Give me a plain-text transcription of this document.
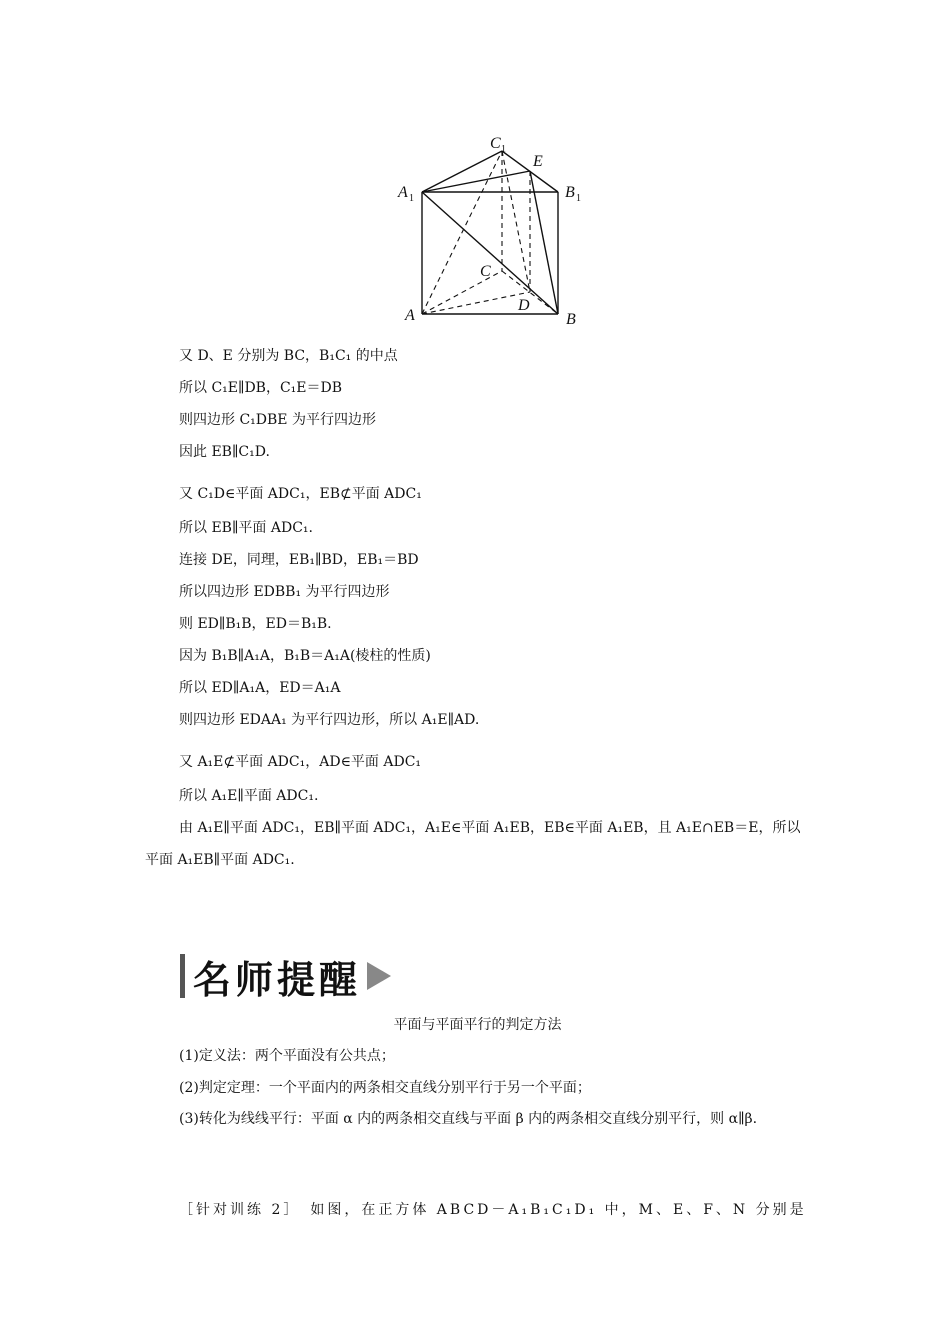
C 1
E
A 1	B 1
C
D
A	B
又 D、E 分别为 BC，B₁C₁ 的中点
所以 C₁E∥DB，C₁E＝DB
则四边形 C₁DBE 为平行四边形
因此 EB∥C₁D.
又 C₁D∈平面 ADC₁，EB⊄平面 ADC₁
所以 EB∥平面 ADC₁.
连接 DE，同理，EB₁∥BD，EB₁＝BD
所以四边形 EDBB₁ 为平行四边形
则 ED∥B₁B，ED＝B₁B.
因为 B₁B∥A₁A，B₁B＝A₁A(棱柱的性质)
所以 ED∥A₁A，ED＝A₁A
则四边形 EDAA₁ 为平行四边形，所以 A₁E∥AD.
又 A₁E⊄平面 ADC₁，AD∈平面 ADC₁
所以 A₁E∥平面 ADC₁.
由 A₁E∥平面 ADC₁，EB∥平面 ADC₁，A₁E∈平面 A₁EB，EB∈平面 A₁EB，且 A₁E∩EB＝E，所以平面 A₁EB∥平面 ADC₁.
名师提醒
平面与平面平行的判定方法
(1)定义法：两个平面没有公共点；
(2)判定定理：一个平面内的两条相交直线分别平行于另一个平面；
(3)转化为线线平行：平面 α 内的两条相交直线与平面 β 内的两条相交直线分别平行，则 α∥β.
［针对训练 2］　如图，在正方体 ABCD－A₁B₁C₁D₁ 中，M、E、F、N 分别是
